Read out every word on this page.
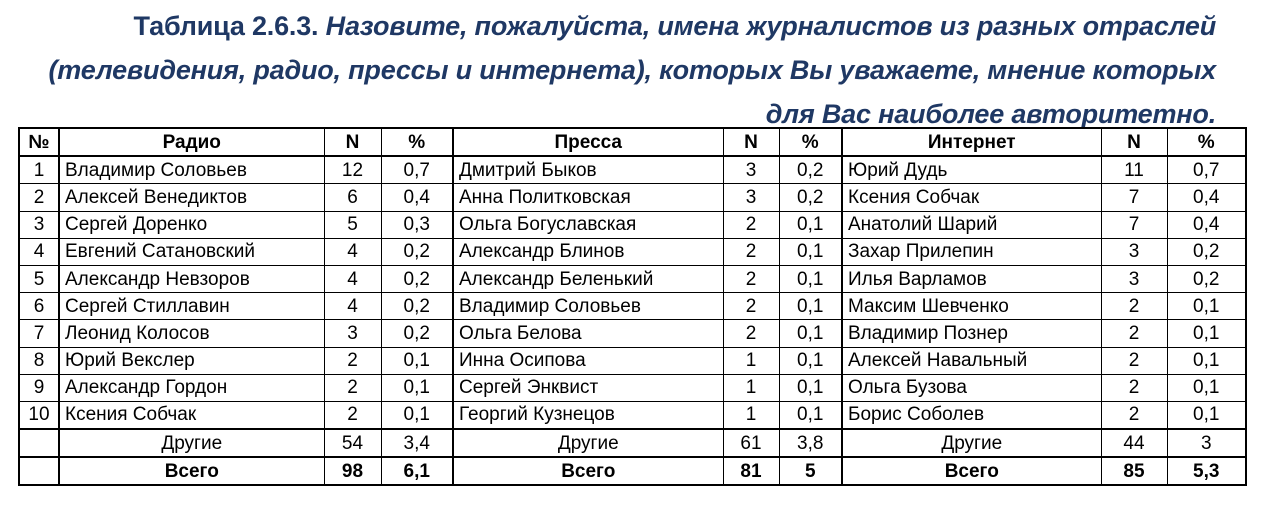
Таблица 2.6.3. Назовите, пожалуйста, имена журналистов из разных отраслей
(телевидения, радио, прессы и интернета), которых Вы уважаете, мнение которых
для Вас наиболее авторитетно.
№	Радио	N	%	Пресса	N	%	Интернет	N	%
1	Владимир Соловьев	12	0,7	Дмитрий Быков	3	0,2	Юрий Дудь	11	0,7
2	Алексей Венедиктов	6	0,4	Анна Политковская	3	0,2	Ксения Собчак	7	0,4
3	Сергей Доренко	5	0,3	Ольга Богуславская	2	0,1	Анатолий Шарий	7	0,4
4	Евгений Сатановский	4	0,2	Александр Блинов	2	0,1	Захар Прилепин	3	0,2
5	Александр Невзоров	4	0,2	Александр Беленький	2	0,1	Илья Варламов	3	0,2
6	Сергей Стиллавин	4	0,2	Владимир Соловьев	2	0,1	Максим Шевченко	2	0,1
7	Леонид Колосов	3	0,2	Ольга Белова	2	0,1	Владимир Познер	2	0,1
8	Юрий Векслер	2	0,1	Инна Осипова	1	0,1	Алексей Навальный	2	0,1
9	Александр Гордон	2	0,1	Сергей Энквист	1	0,1	Ольга Бузова	2	0,1
10	Ксения Собчак	2	0,1	Георгий Кузнецов	1	0,1	Борис Соболев	2	0,1
	Другие	54	3,4	Другие	61	3,8	Другие	44	3
	Всего	98	6,1	Всего	81	5	Всего	85	5,3
